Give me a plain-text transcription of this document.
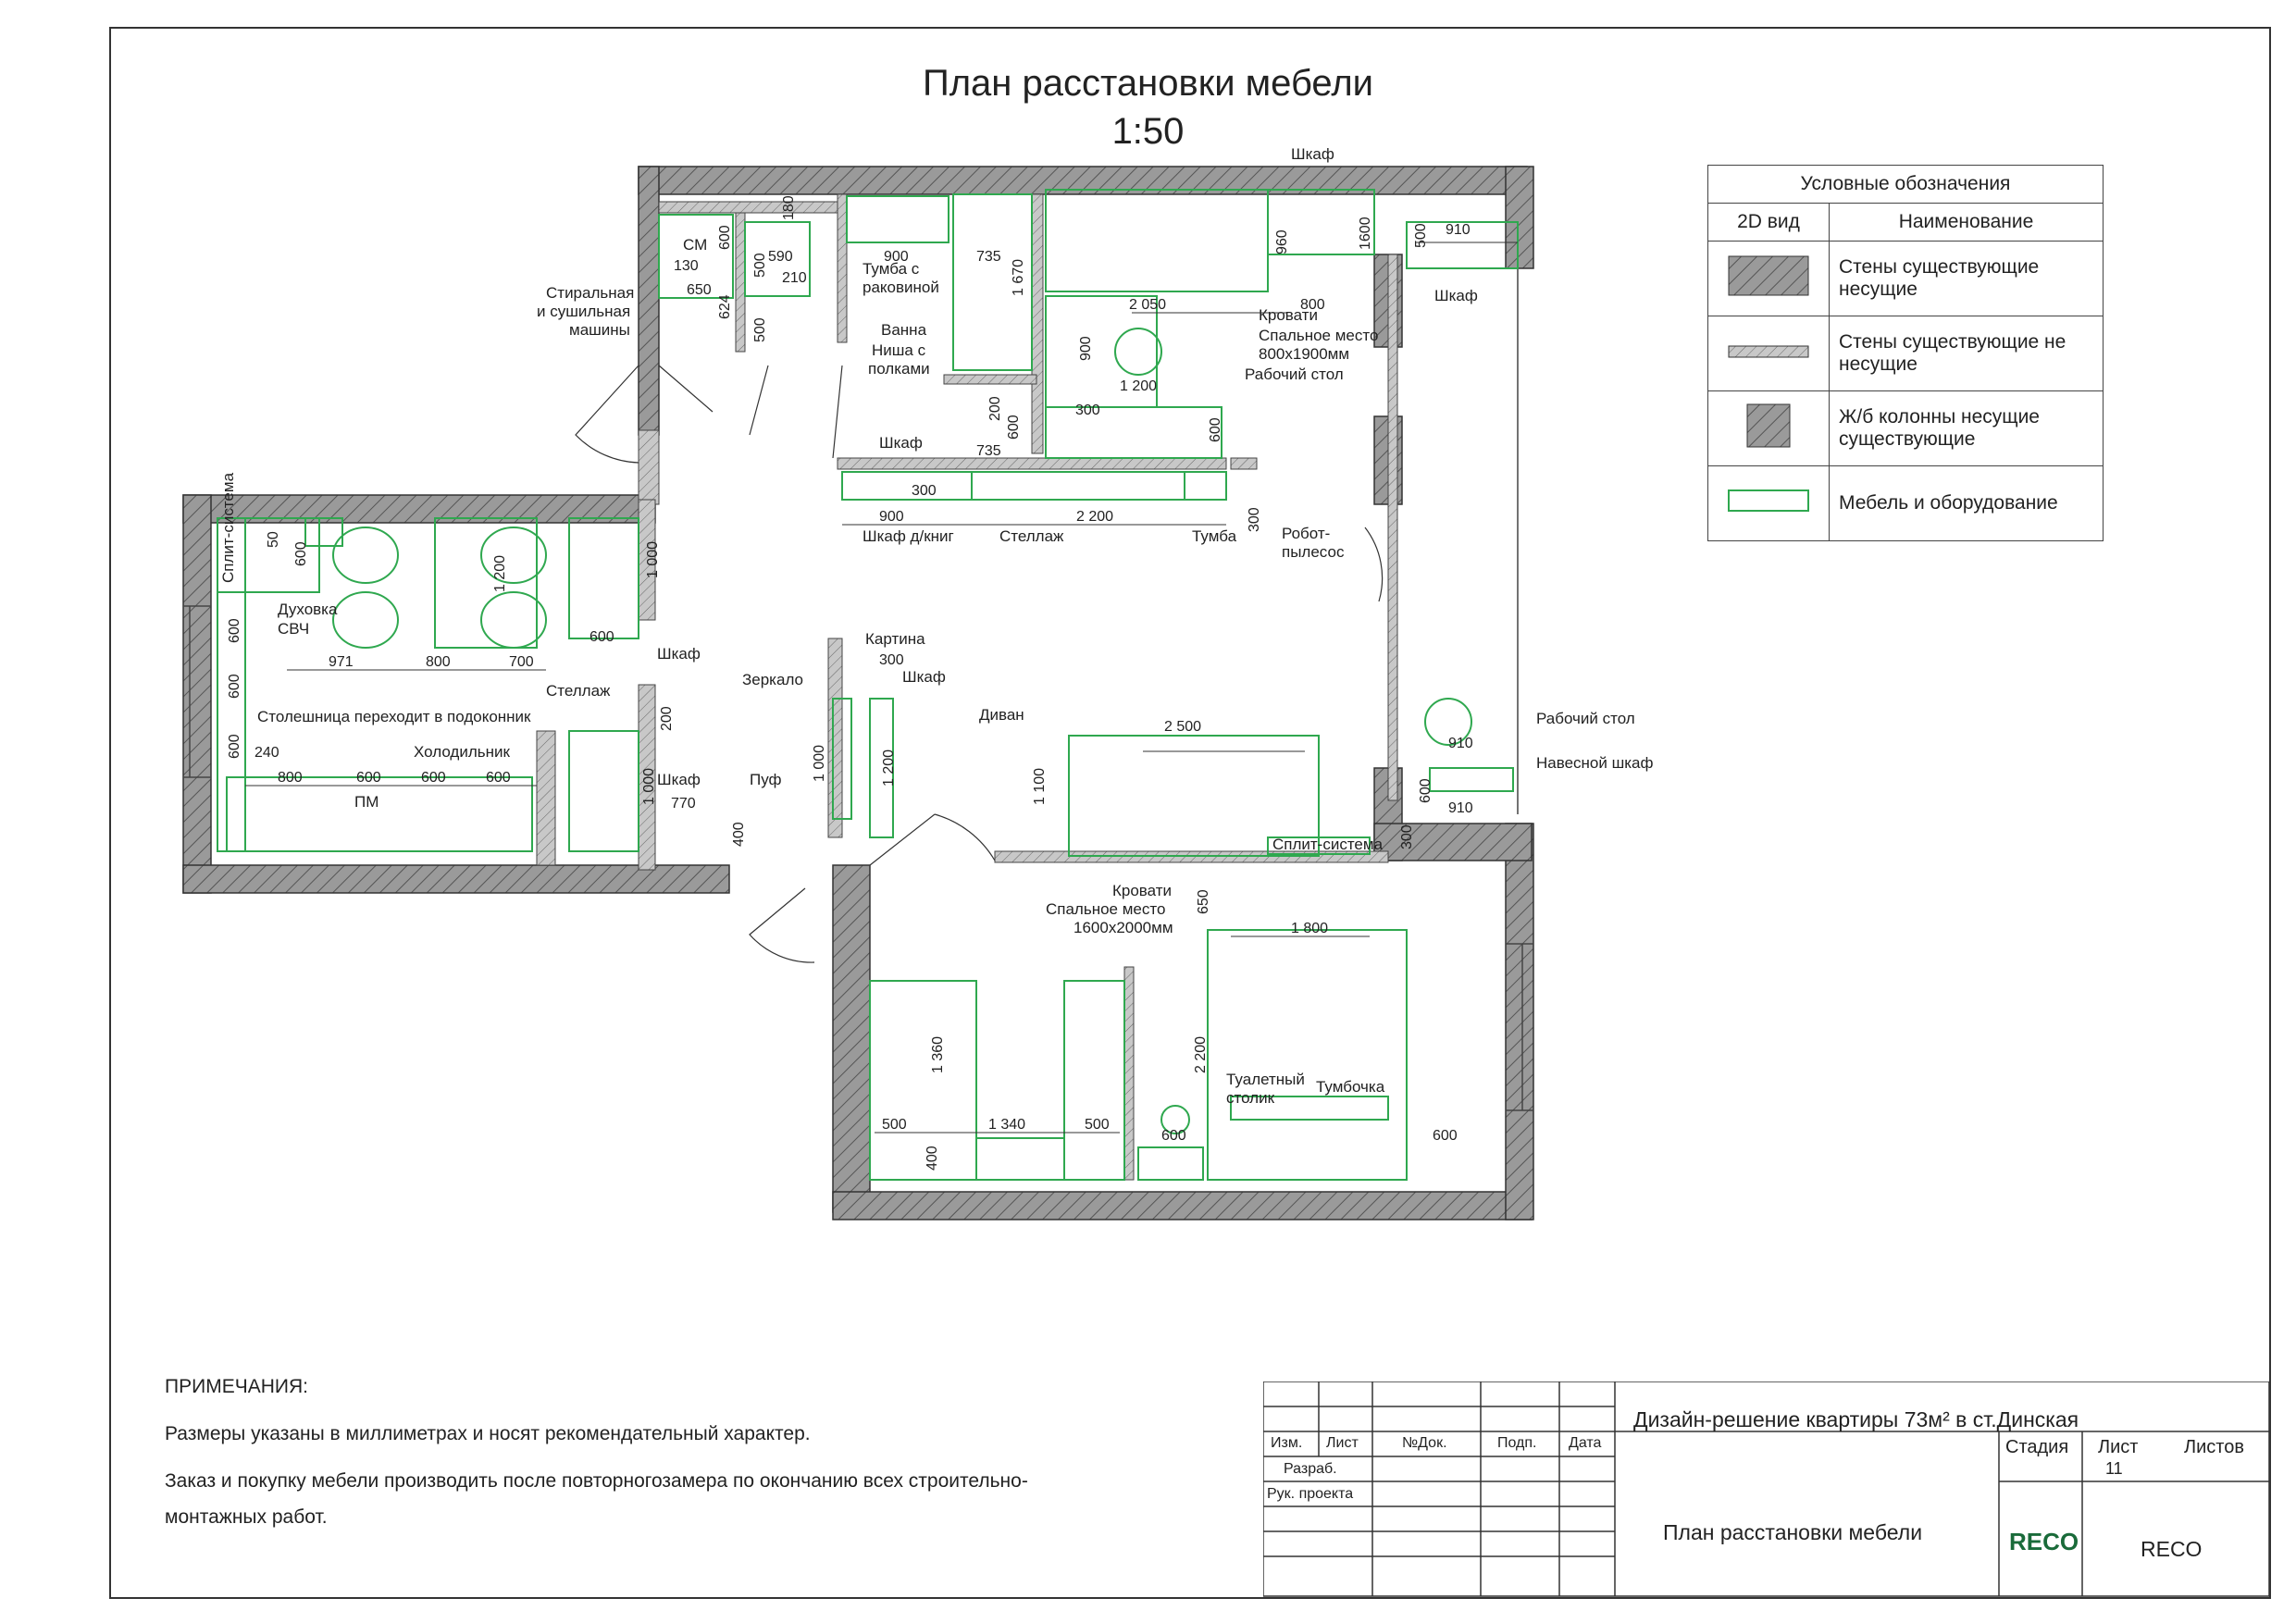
План расстановки мебели
1:50
Шкаф
Стиральная
и сушильная
машины
СМ
Тумба с
раковиной
Ванна
Ниша с
полками
Шкаф
Кровати
Спальное место
800х1900мм
Рабочий стол
Шкаф
Шкаф д/книг	Стеллаж	Тумба	Робот-
пылесос
Духовка
СВЧ
Шкаф
Стеллаж
Столешница переходит в подоконник
Холодильник
Шкаф	Пуф
Зеркало
Картина
Шкаф
Диван
Сплит-система
Сплит-система
ПМ
Рабочий стол
Навесной шкаф
Кровати
Спальное место
1600х2000мм
Туалетный
столик
Тумбочка
130
650
600
624
590
210
500
500
180
900	735
1 670
960	1600	910
2 050	800
900
1 200
300
600
500
200
600
735
300
900	2 200	300
50
600	1 000
1 200
600
971	800	700
600
200
240
800	600	600	600
600
600
1 000 770
400
300
1 000	1 200
2 500
1 100
910
600
910
300
650
1 800
1 360	2 200
500	1 340	500
400
600	600
Условные обозначения	
2D вид	Наименование
	Стены существующие несущие
	Стены существующие не несущие
	Ж/б колонны несущие существующие
	Мебель и оборудование

ПРИМЕЧАНИЯ:

Размеры указаны в миллиметрах и носят рекомендательный характер.

Заказ и покупку мебели производить после повторногозамера по окончанию всех строительно-

монтажных работ.

Изм. Лист	№Док.	Подп. Дата
Разраб.
Рук. проекта
Дизайн-решение квартиры 73м² в ст.Динская
План расстановки мебели
Стадия Лист Листов
11
RECO	RECO
